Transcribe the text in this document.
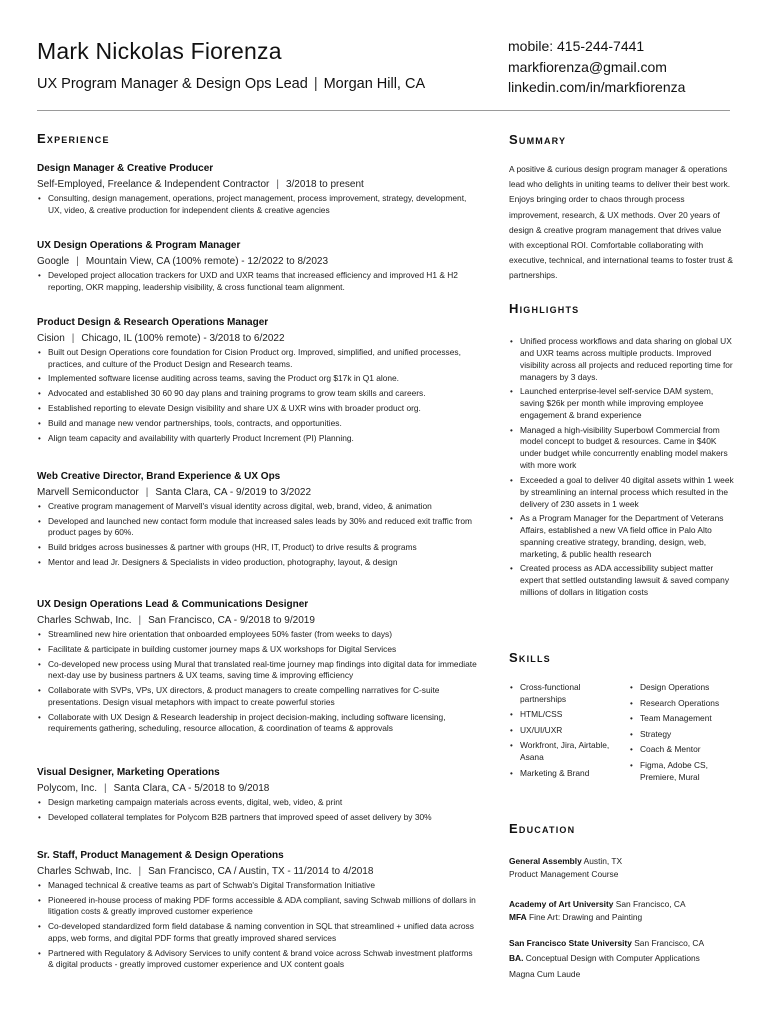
Mark Nickolas Fiorenza
UX Program Manager & Design Ops Lead | Morgan Hill, CA
mobile: 415-244-7441
markfiorenza@gmail.com
linkedin.com/in/markfiorenza
Experience
Design Manager & Creative Producer
Self-Employed, Freelance & Independent Contractor | 3/2018 to present
• Consulting, design management, operations, project management, process improvement, strategy, development, UX, video, & creative production for independent clients & creative agencies
UX Design Operations & Program Manager
Google | Mountain View, CA (100% remote) - 12/2022 to 8/2023
• Developed project allocation trackers for UXD and UXR teams that increased efficiency and improved H1 & H2 reporting, OKR mapping, leadership visibility, & cross functional team alignment.
Product Design & Research Operations Manager
Cision | Chicago, IL (100% remote) - 3/2018 to 6/2022
• Built out Design Operations core foundation for Cision Product org. Improved, simplified, and unified processes, practices, and culture of the Product Design and Research teams.
• Implemented software license auditing across teams, saving the Product org $17k in Q1 alone.
• Advocated and established 30 60 90 day plans and training programs to grow team skills and careers.
• Established reporting to elevate Design visibility and share UX & UXR wins with broader product org.
• Build and manage new vendor partnerships, tools, contracts, and opportunities.
• Align team capacity and availability with quarterly Product Increment (PI) Planning.
Web Creative Director, Brand Experience & UX Ops
Marvell Semiconductor | Santa Clara, CA - 9/2019 to 3/2022
• Creative program management of Marvell's visual identity across digital, web, brand, video, & animation
• Developed and launched new contact form module that increased sales leads by 30% and reduced exit traffic from product pages by 60%.
• Build bridges across businesses & partner with groups (HR, IT, Product) to drive results & programs
• Mentor and lead Jr. Designers & Specialists in video production, photography, layout, & design
UX Design Operations Lead & Communications Designer
Charles Schwab, Inc. | San Francisco, CA - 9/2018 to 9/2019
• Streamlined new hire orientation that onboarded employees 50% faster (from weeks to days)
• Facilitate & participate in building customer journey maps & UX workshops for Digital Services
• Co-developed new process using Mural that translated real-time journey map findings into digital data for immediate next-day use by business partners & UX teams, saving time & improving efficiency
• Collaborate with SVPs, VPs, UX directors, & product managers to create compelling narratives for C-suite presentations. Design visual metaphors with impact to create powerful stories
• Collaborate with UX Design & Research leadership in project decision-making, including software licensing, requirements gathering, scheduling, resource allocation, & coordination of teams & approvals
Visual Designer, Marketing Operations
Polycom, Inc. | Santa Clara, CA - 5/2018 to 9/2018
• Design marketing campaign materials across events, digital, web, video, & print
• Developed collateral templates for Polycom B2B partners that improved speed of asset delivery by 30%
Sr. Staff, Product Management & Design Operations
Charles Schwab, Inc. | San Francisco, CA / Austin, TX - 11/2014 to 4/2018
• Managed technical & creative teams as part of Schwab's Digital Transformation Initiative
• Pioneered in-house process of making PDF forms accessible & ADA compliant, saving Schwab millions of dollars in litigation costs & greatly improved customer experience
• Co-developed standardized form field database & naming convention in SQL that streamlined + unified data across apps, web forms, and digital PDF forms that greatly improved shared services
• Partnered with Regulatory & Advisory Services to unify content & brand voice across Schwab investment platforms & digital products - greatly improved customer experience and UX content goals
Summary
A positive & curious design program manager & operations lead who delights in uniting teams to deliver their best work. Enjoys bringing order to chaos through process improvement, research, & UX methods. Over 20 years of design & creative program management that drives value with exceptional ROI. Comfortable collaborating with executive, technical, and international teams to foster trust & partnerships.
Highlights
• Unified process workflows and data sharing on global UX and UXR teams across multiple products. Improved visibility across all projects and reduced reporting time for managers by 3 days.
• Launched enterprise-level self-service DAM system, saving $26k per month while improving employee engagement & brand experience
• Managed a high-visibility Superbowl Commercial from model concept to budget & resources. Came in $40K under budget while concurrently enabling model makers with more work
• Exceeded a goal to deliver 40 digital assets within 1 week by streamlining an internal process which resulted in the delivery of 230 assets in 1 week
• As a Program Manager for the Department of Veterans Affairs, established a new VA field office in Palo Alto spanning creative strategy, branding, design, web, marketing, & public health research
• Created process as ADA accessibility subject matter expert that settled outstanding lawsuit & saved company millions of dollars in litigation costs
Skills
• Cross-functional partnerships
• HTML/CSS
• UX/UI/UXR
• Workfront, Jira, Airtable, Asana
• Marketing & Brand
• Design Operations
• Research Operations
• Team Management
• Strategy
• Coach & Mentor
• Figma, Adobe CS, Premiere, Mural
Education
General Assembly Austin, TX
Product Management Course
Academy of Art University San Francisco, CA
MFA Fine Art: Drawing and Painting
San Francisco State University San Francisco, CA
BA. Conceptual Design with Computer Applications
Magna Cum Laude
